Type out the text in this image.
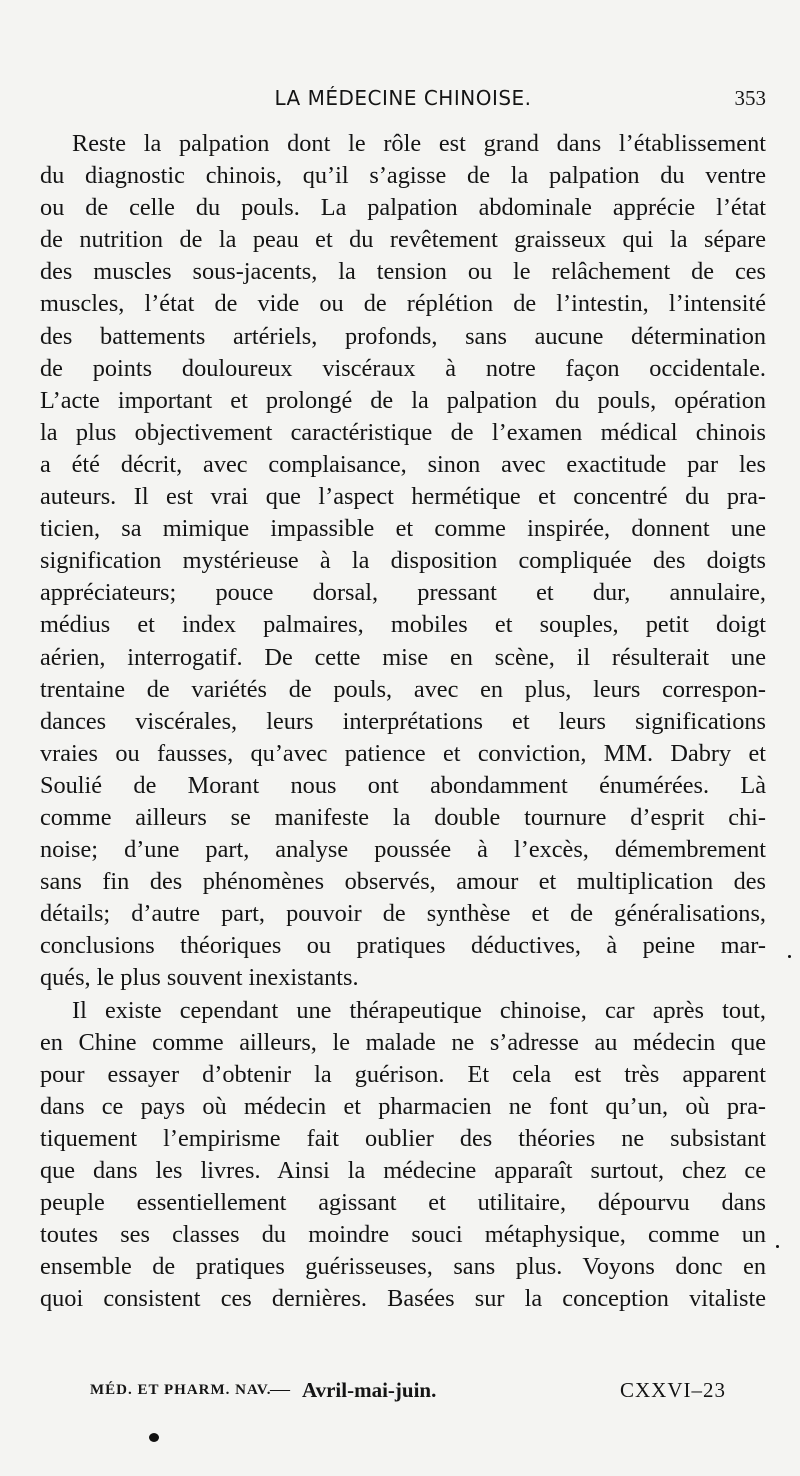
LA MÉDECINE CHINOISE.	353
Reste la palpation dont le rôle est grand dans l’établissement
du diagnostic chinois, qu’il s’agisse de la palpation du ventre
ou de celle du pouls. La palpation abdominale apprécie l’état
de nutrition de la peau et du revêtement graisseux qui la sépare
des muscles sous-jacents, la tension ou le relâchement de ces
muscles, l’état de vide ou de réplétion de l’intestin, l’intensité
des battements artériels, profonds, sans aucune détermination
de points douloureux viscéraux à notre façon occidentale.
L’acte important et prolongé de la palpation du pouls, opération
la plus objectivement caractéristique de l’examen médical chinois
a été décrit, avec complaisance, sinon avec exactitude par les
auteurs. Il est vrai que l’aspect hermétique et concentré du pra-
ticien, sa mimique impassible et comme inspirée, donnent une
signification mystérieuse à la disposition compliquée des doigts
appréciateurs; pouce dorsal, pressant et dur, annulaire,
médius et index palmaires, mobiles et souples, petit doigt
aérien, interrogatif. De cette mise en scène, il résulterait une
trentaine de variétés de pouls, avec en plus, leurs correspon-
dances viscérales, leurs interprétations et leurs significations
vraies ou fausses, qu’avec patience et conviction, MM. Dabry et
Soulié de Morant nous ont abondamment énumérées. Là
comme ailleurs se manifeste la double tournure d’esprit chi-
noise; d’une part, analyse poussée à l’excès, démembrement
sans fin des phénomènes observés, amour et multiplication des
détails; d’autre part, pouvoir de synthèse et de généralisations,
conclusions théoriques ou pratiques déductives, à peine mar-
qués, le plus souvent inexistants.
Il existe cependant une thérapeutique chinoise, car après tout,
en Chine comme ailleurs, le malade ne s’adresse au médecin que
pour essayer d’obtenir la guérison. Et cela est très apparent
dans ce pays où médecin et pharmacien ne font qu’un, où pra-
tiquement l’empirisme fait oublier des théories ne subsistant
que dans les livres. Ainsi la médecine apparaît surtout, chez ce
peuple essentiellement agissant et utilitaire, dépourvu dans
toutes ses classes du moindre souci métaphysique, comme un
ensemble de pratiques guérisseuses, sans plus. Voyons donc en
quoi consistent ces dernières. Basées sur la conception vitaliste
MÉD. ET PHARM. NAV.
— Avril-mai-juin.	CXXVI–23
